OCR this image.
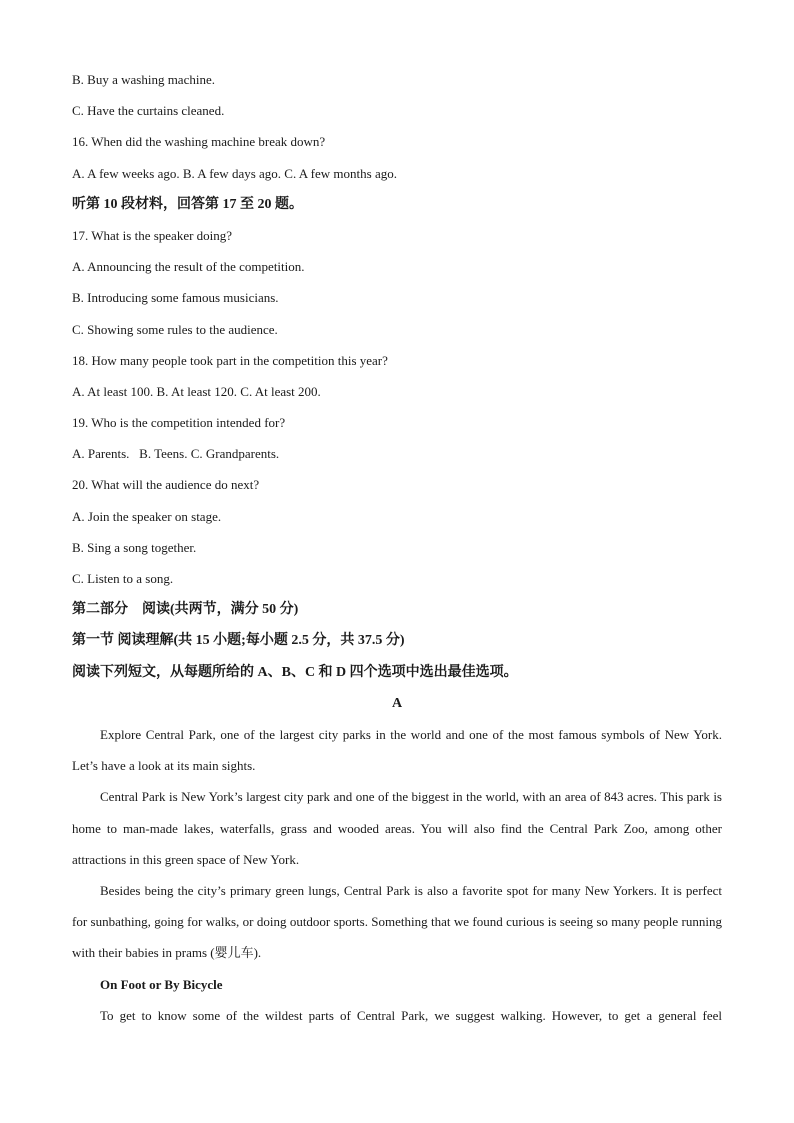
B. Buy a washing machine.
C. Have the curtains cleaned.
16. When did the washing machine break down?
A. A few weeks ago. B. A few days ago. C. A few months ago.
听第 10 段材料，回答第 17 至 20 题。
17. What is the speaker doing?
A. Announcing the result of the competition.
B. Introducing some famous musicians.
C. Showing some rules to the audience.
18. How many people took part in the competition this year?
A. At least 100. B. At least 120. C. At least 200.
19. Who is the competition intended for?
A. Parents.   B. Teens. C. Grandparents.
20. What will the audience do next?
A. Join the speaker on stage.
B. Sing a song together.
C. Listen to a song.
第二部分　阅读(共两节，满分 50 分)
第一节 阅读理解(共 15 小题;每小题 2.5 分，共 37.5 分)
阅读下列短文，从每题所给的 A、B、C 和 D 四个选项中选出最佳选项。
A

Explore Central Park, one of the largest city parks in the world and one of the most famous symbols of New York. Let’s have a look at its main sights.

Central Park is New York’s largest city park and one of the biggest in the world, with an area of 843 acres. This park is home to man-made lakes, waterfalls, grass and wooded areas. You will also find the Central Park Zoo, among other attractions in this green space of New York.

Besides being the city’s primary green lungs, Central Park is also a favorite spot for many New Yorkers. It is perfect for sunbathing, going for walks, or doing outdoor sports. Something that we found curious is seeing so many people running with their babies in prams (婴儿车).

On Foot or By Bicycle

To get to know some of the wildest parts of Central Park, we suggest walking. However, to get a general feel
